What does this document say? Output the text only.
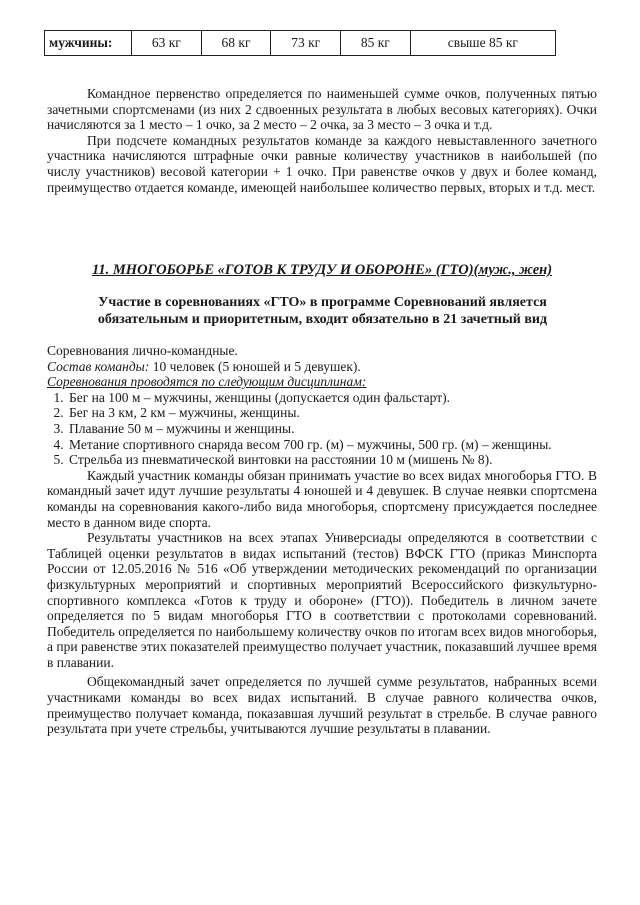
мужчины:	63 кг	68 кг	73 кг	85 кг	свыше 85 кг

Командное первенство определяется по наименьшей сумме очков, полученных пятью зачетными спортсменами (из них 2 сдвоенных результата в любых весовых категориях). Очки начисляются за 1 место – 1 очко, за 2 место – 2 очка, за 3 место – 3 очка и т.д.

При подсчете командных результатов команде за каждого невыставленного зачетного участника начисляются штрафные очки равные количеству участников в наибольшей (по числу участников) весовой категории + 1 очко. При равенстве очков у двух и более команд, преимущество отдается команде, имеющей наибольшее количество первых, вторых и т.д. мест.

11. МНОГОБОРЬЕ «ГОТОВ К ТРУДУ И ОБОРОНЕ» (ГТО)(муж., жен)
Участие в соревнованиях «ГТО» в программе Соревнований является обязательным и приоритетным, входит обязательно в 21 зачетный вид

Соревнования лично-командные.

Состав команды: 10 человек (5 юношей и 5 девушек).

Соревнования проводятся по следующим дисциплинам:

1. Бег на 100 м – мужчины, женщины (допускается один фальстарт).
2. Бег на 3 км, 2 км – мужчины, женщины.
3. Плавание 50 м – мужчины и женщины.
4. Метание спортивного снаряда весом 700 гр. (м) – мужчины, 500 гр. (м) – женщины.
5. Стрельба из пневматической винтовки на расстоянии 10 м (мишень № 8).

Каждый участник команды обязан принимать участие во всех видах многоборья ГТО. В командный зачет идут лучшие результаты 4 юношей и 4 девушек. В случае неявки спортсмена команды на соревнования какого-либо вида многоборья, спортсмену присуждается последнее место в данном виде спорта.

Результаты участников на всех этапах Универсиады определяются в соответствии с Таблицей оценки результатов в видах испытаний (тестов) ВФСК ГТО (приказ Минспорта России от 12.05.2016 № 516 «Об утверждении методических рекомендаций по организации физкультурных мероприятий и спортивных мероприятий Всероссийского физкультурно-спортивного комплекса «Готов к труду и обороне» (ГТО)). Победитель в личном зачете определяется по 5 видам многоборья ГТО в соответствии с протоколами соревнований. Победитель определяется по наибольшему количеству очков по итогам всех видов многоборья, а при равенстве этих показателей преимущество получает участник, показавший лучшее время в плавании.

Общекомандный зачет определяется по лучшей сумме результатов, набранных всеми участниками команды во всех видах испытаний. В случае равного количества очков, преимущество получает команда, показавшая лучший результат в стрельбе. В случае равного результата при учете стрельбы, учитываются лучшие результаты в плавании.
